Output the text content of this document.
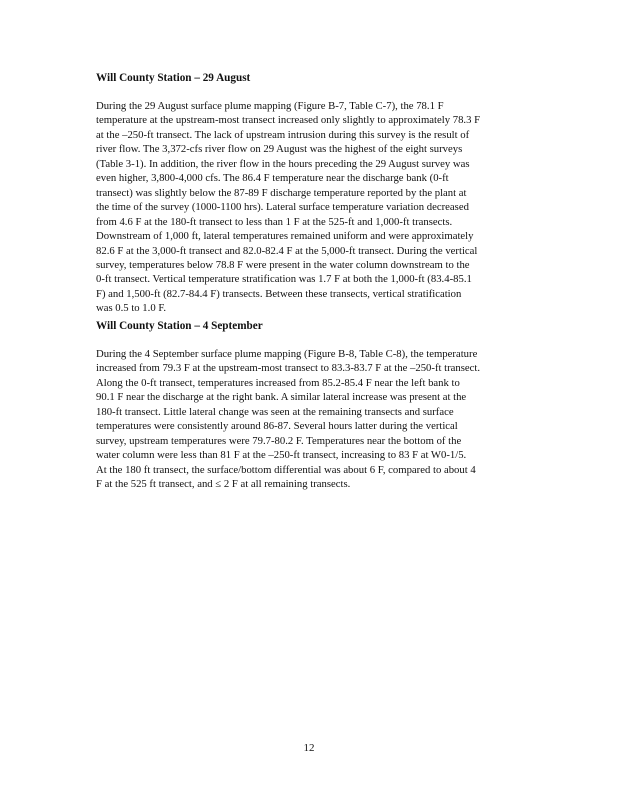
Will County Station – 29 August

During the 29 August surface plume mapping (Figure B-7, Table C-7), the 78.1 F
temperature at the upstream-most transect increased only slightly to approximately 78.3 F
at the –250-ft transect. The lack of upstream intrusion during this survey is the result of
river flow. The 3,372-cfs river flow on 29 August was the highest of the eight surveys
(Table 3-1). In addition, the river flow in the hours preceding the 29 August survey was
even higher, 3,800-4,000 cfs. The 86.4 F temperature near the discharge bank (0-ft
transect) was slightly below the 87-89 F discharge temperature reported by the plant at
the time of the survey (1000-1100 hrs). Lateral surface temperature variation decreased
from 4.6 F at the 180-ft transect to less than 1 F at the 525-ft and 1,000-ft transects.
Downstream of 1,000 ft, lateral temperatures remained uniform and were approximately
82.6 F at the 3,000-ft transect and 82.0-82.4 F at the 5,000-ft transect. During the vertical
survey, temperatures below 78.8 F were present in the water column downstream to the
0-ft transect. Vertical temperature stratification was 1.7 F at both the 1,000-ft (83.4-85.1
F) and 1,500-ft (82.7-84.4 F) transects. Between these transects, vertical stratification
was 0.5 to 1.0 F.

Will County Station – 4 September

During the 4 September surface plume mapping (Figure B-8, Table C-8), the temperature
increased from 79.3 F at the upstream-most transect to 83.3-83.7 F at the –250-ft transect.
Along the 0-ft transect, temperatures increased from 85.2-85.4 F near the left bank to
90.1 F near the discharge at the right bank. A similar lateral increase was present at the
180-ft transect. Little lateral change was seen at the remaining transects and surface
temperatures were consistently around 86-87. Several hours latter during the vertical
survey, upstream temperatures were 79.7-80.2 F. Temperatures near the bottom of the
water column were less than 81 F at the –250-ft transect, increasing to 83 F at W0-1/5.
At the 180 ft transect, the surface/bottom differential was about 6 F, compared to about 4
F at the 525 ft transect, and ≤ 2 F at all remaining transects.

12
